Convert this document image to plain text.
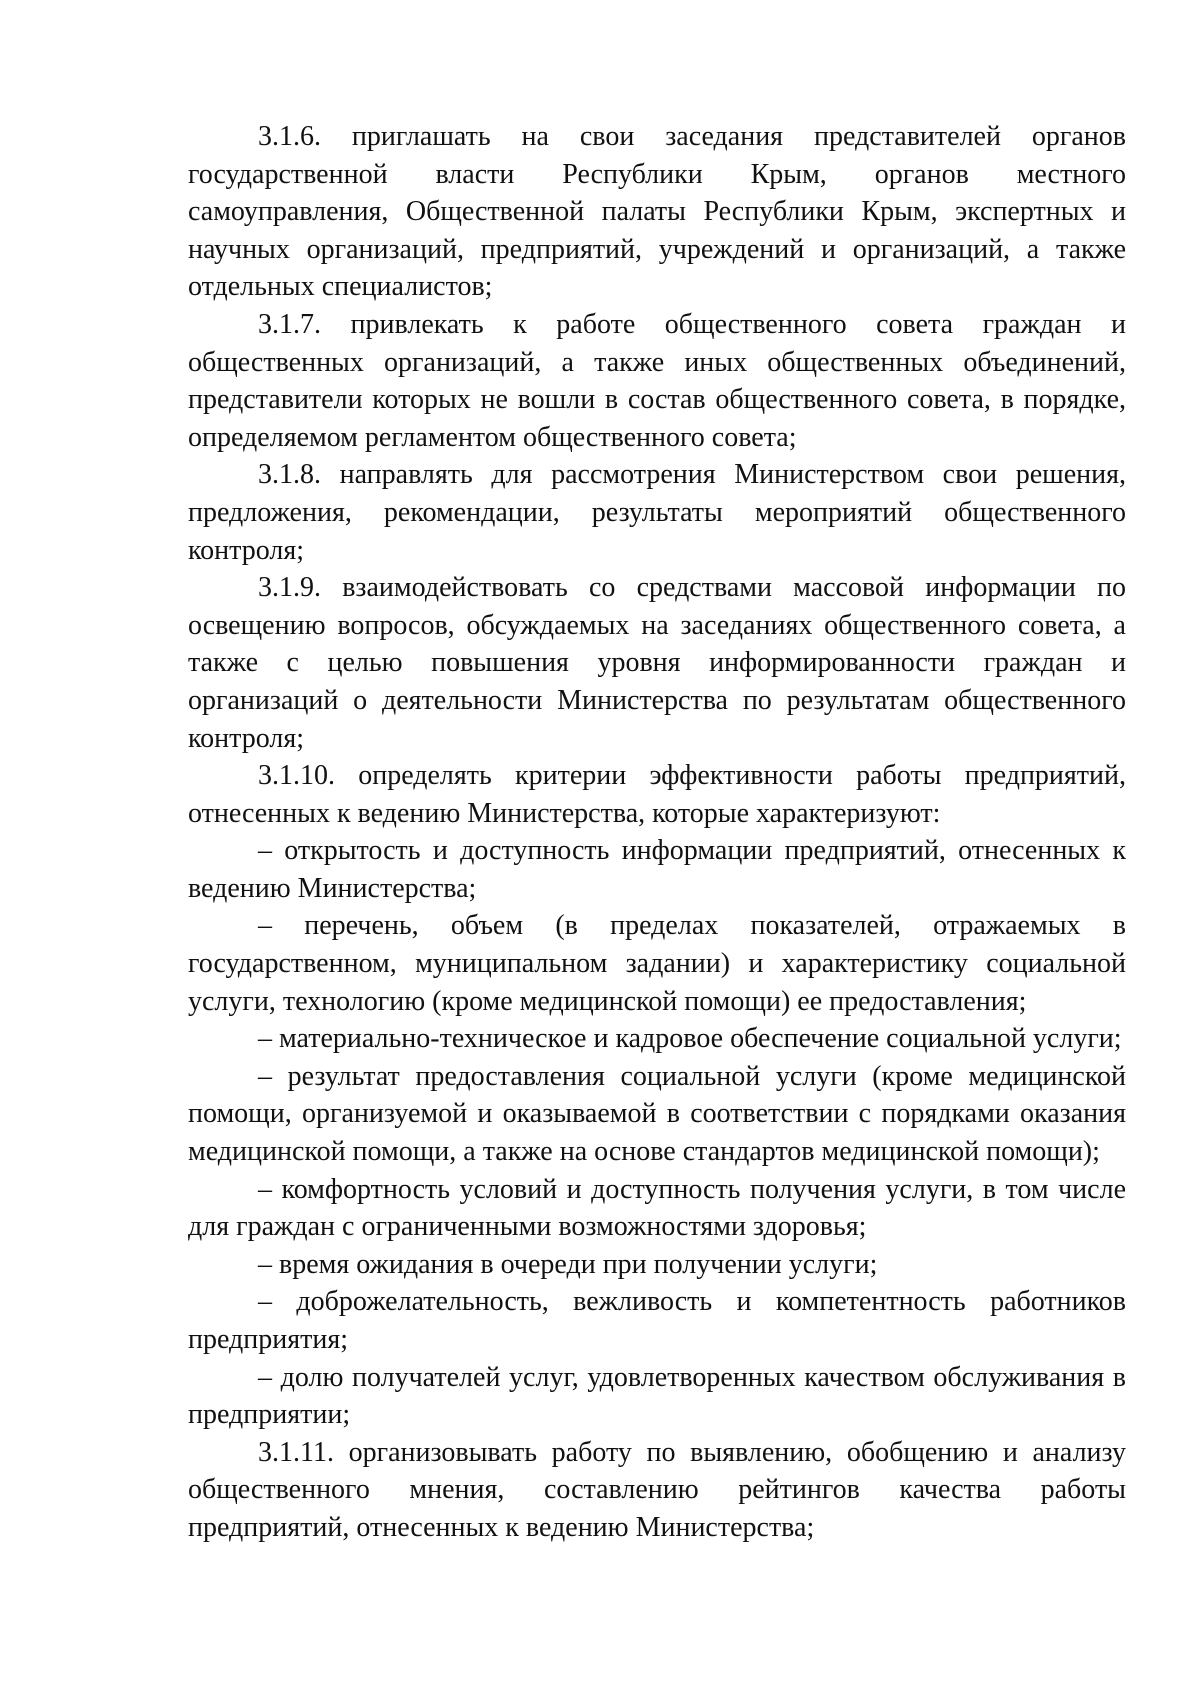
3.1.6. приглашать на свои заседания представителей органов государственной власти Республики Крым, органов местного самоуправления, Общественной палаты Республики Крым, экспертных и научных организаций, предприятий, учреждений и организаций, а также отдельных специалистов;

3.1.7. привлекать к работе общественного совета граждан и общественных организаций, а также иных общественных объединений, представители которых не вошли в состав общественного совета, в порядке, определяемом регламентом общественного совета;

3.1.8. направлять для рассмотрения Министерством свои решения, предложения, рекомендации, результаты мероприятий общественного контроля;

3.1.9. взаимодействовать со средствами массовой информации по освещению вопросов, обсуждаемых на заседаниях общественного совета, а также с целью повышения уровня информированности граждан и организаций о деятельности Министерства по результатам общественного контроля;

3.1.10. определять критерии эффективности работы предприятий, отнесенных к ведению Министерства, которые характеризуют:

– открытость и доступность информации предприятий, отнесенных к ведению Министерства;

– перечень, объем (в пределах показателей, отражаемых в государственном, муниципальном задании) и характеристику социальной услуги, технологию (кроме медицинской помощи) ее предоставления;

– материально-техническое и кадровое обеспечение социальной услуги;

– результат предоставления социальной услуги (кроме медицинской помощи, организуемой и оказываемой в соответствии с порядками оказания медицинской помощи, а также на основе стандартов медицинской помощи);

– комфортность условий и доступность получения услуги, в том числе для граждан с ограниченными возможностями здоровья;

– время ожидания в очереди при получении услуги;

– доброжелательность, вежливость и компетентность работников предприятия;

– долю получателей услуг, удовлетворенных качеством обслуживания в предприятии;

3.1.11. организовывать работу по выявлению, обобщению и анализу общественного мнения, составлению рейтингов качества работы предприятий, отнесенных к ведению Министерства;
